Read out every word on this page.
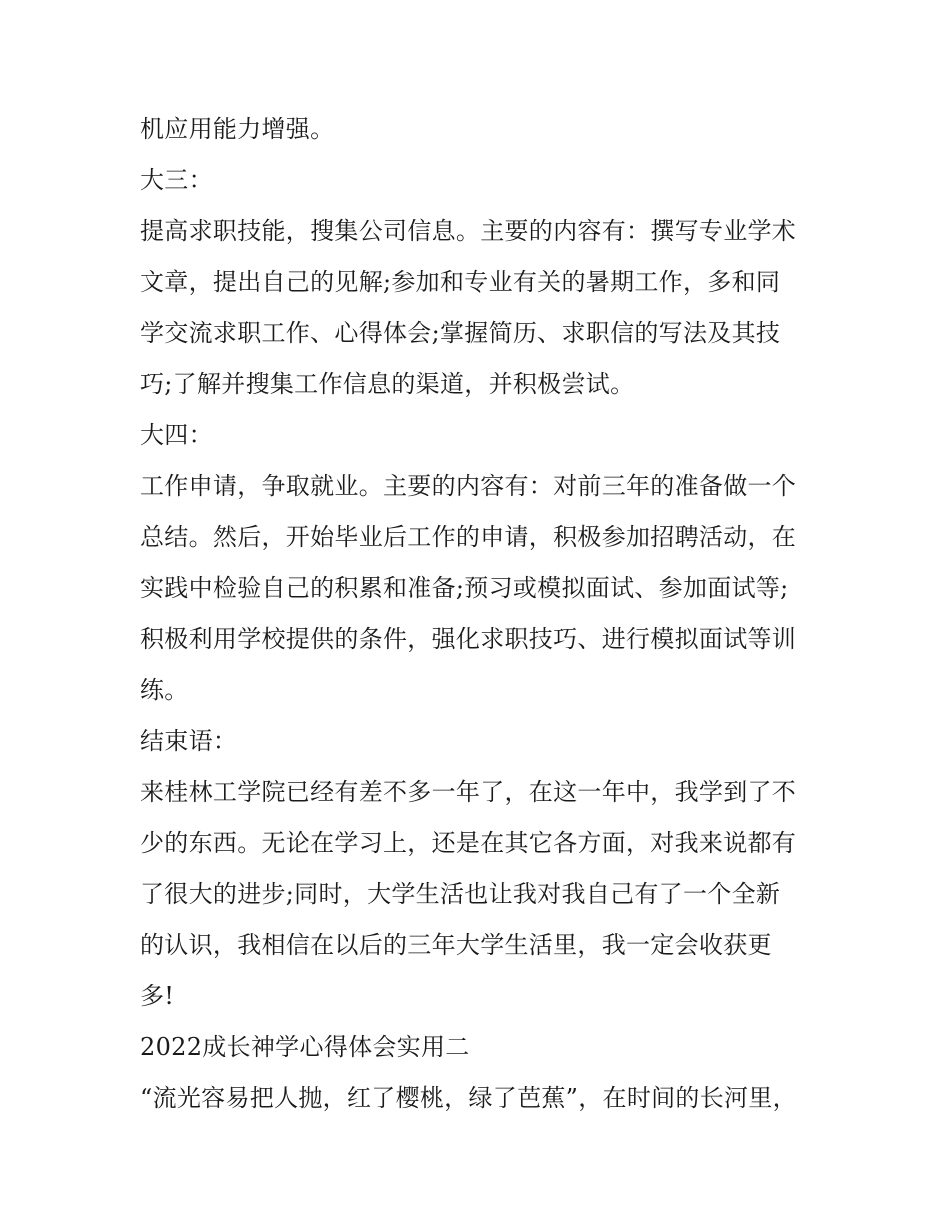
机应用能力增强。
大三：
提高求职技能，搜集公司信息。主要的内容有：撰写专业学术
文章，提出自己的见解;参加和专业有关的暑期工作，多和同
学交流求职工作、心得体会;掌握简历、求职信的写法及其技
巧;了解并搜集工作信息的渠道，并积极尝试。
大四：
工作申请，争取就业。主要的内容有：对前三年的准备做一个
总结。然后，开始毕业后工作的申请，积极参加招聘活动，在
实践中检验自己的积累和准备;预习或模拟面试、参加面试等;
积极利用学校提供的条件，强化求职技巧、进行模拟面试等训
练。
结束语：
来桂林工学院已经有差不多一年了，在这一年中，我学到了不
少的东西。无论在学习上，还是在其它各方面，对我来说都有
了很大的进步;同时，大学生活也让我对我自己有了一个全新
的认识，我相信在以后的三年大学生活里，我一定会收获更
多!
2022成长神学心得体会实用二
“流光容易把人抛，红了樱桃，绿了芭蕉”，在时间的长河里，
